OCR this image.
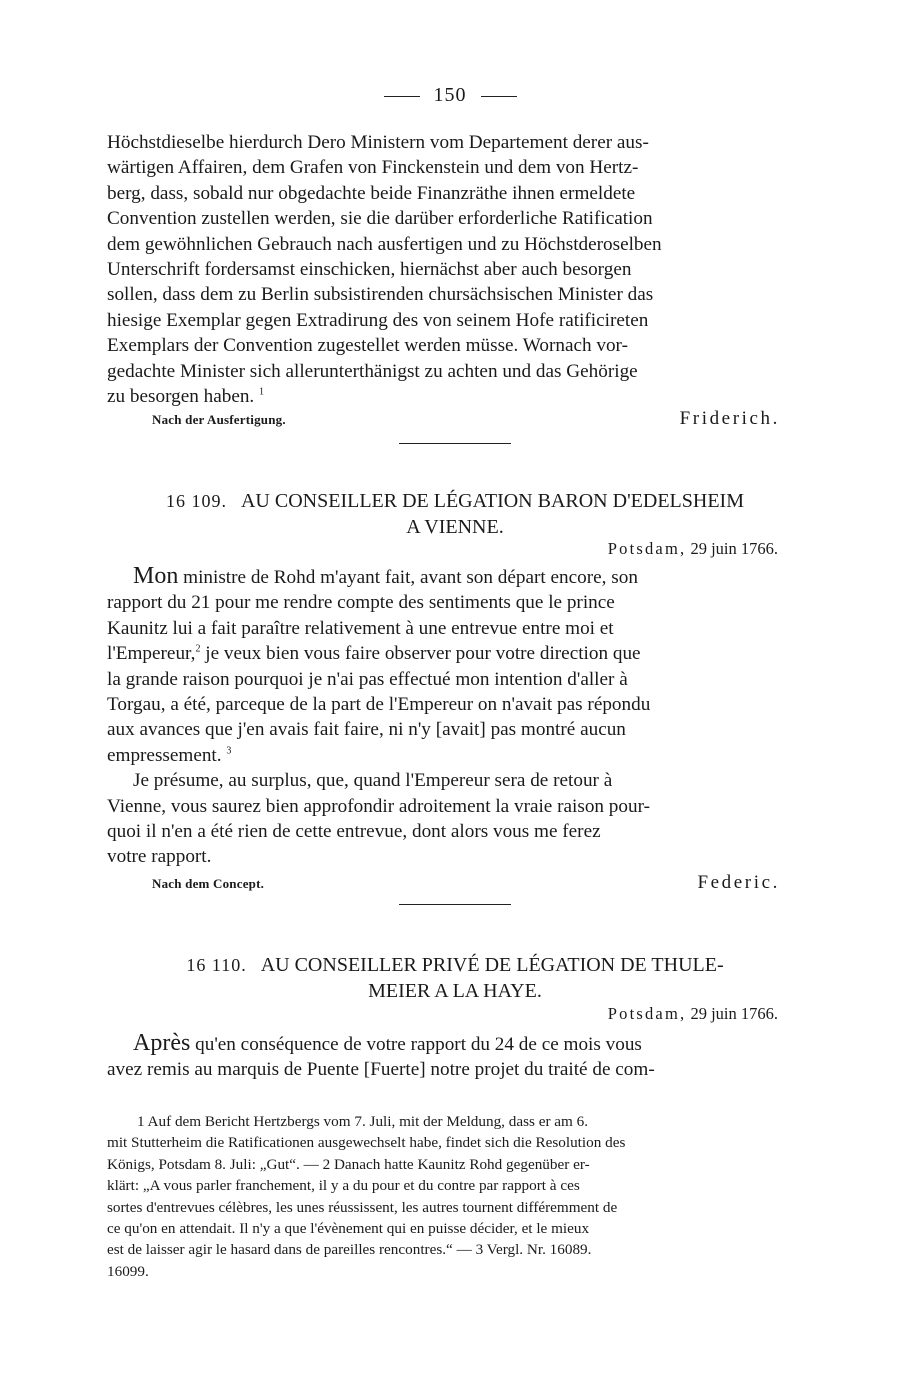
150

Höchstdieselbe hierdurch Dero Ministern vom Departement derer aus-

wärtigen Affairen, dem Grafen von Finckenstein und dem von Hertz-

berg, dass, sobald nur obgedachte beide Finanzräthe ihnen ermeldete

Convention zustellen werden, sie die darüber erforderliche Ratification

dem gewöhnlichen Gebrauch nach ausfertigen und zu Höchstderoselben

Unterschrift fordersamst einschicken, hiernächst aber auch besorgen

sollen, dass dem zu Berlin subsistirenden chursächsischen Minister das

hiesige Exemplar gegen Extradirung des von seinem Hofe ratificireten

Exemplars der Convention zugestellet werden müsse. Wornach vor-

gedachte Minister sich allerunterthänigst zu achten und das Gehörige

zu besorgen haben. $^1$

Nach der Ausfertigung.	Friderich.
16 109. AU CONSEILLER DE LÉGATION BARON D'EDELSHEIM
A VIENNE.
Potsdam, 29 juin 1766.

Mon ministre de Rohd m'ayant fait, avant son départ encore, son

rapport du 21 pour me rendre compte des sentiments que le prince

Kaunitz lui a fait paraître relativement à une entrevue entre moi et

l'Empereur,$^2$ je veux bien vous faire observer pour votre direction que

la grande raison pourquoi je n'ai pas effectué mon intention d'aller à

Torgau, a été, parceque de la part de l'Empereur on n'avait pas répondu

aux avances que j'en avais fait faire, ni n'y [avait] pas montré aucun

empressement. $^3$

Je présume, au surplus, que, quand l'Empereur sera de retour à

Vienne, vous saurez bien approfondir adroitement la vraie raison pour-

quoi il n'en a été rien de cette entrevue, dont alors vous me ferez

votre rapport.

Nach dem Concept.	Federic.
16 110. AU CONSEILLER PRIVÉ DE LÉGATION DE THULE-
MEIER A LA HAYE.
Potsdam, 29 juin 1766.

Après qu'en conséquence de votre rapport du 24 de ce mois vous

avez remis au marquis de Puente [Fuerte] notre projet du traité de com-

1 Auf dem Bericht Hertzbergs vom 7. Juli, mit der Meldung, dass er am 6.

mit Stutterheim die Ratificationen ausgewechselt habe, findet sich die Resolution des

Königs, Potsdam 8. Juli: „Gut“. — 2 Danach hatte Kaunitz Rohd gegenüber er-

klärt: „A vous parler franchement, il y a du pour et du contre par rapport à ces

sortes d'entrevues célèbres, les unes réussissent, les autres tournent différemment de

ce qu'on en attendait. Il n'y a que l'évènement qui en puisse décider, et le mieux

est de laisser agir le hasard dans de pareilles rencontres.“ — 3 Vergl. Nr. 16089.

16099.
